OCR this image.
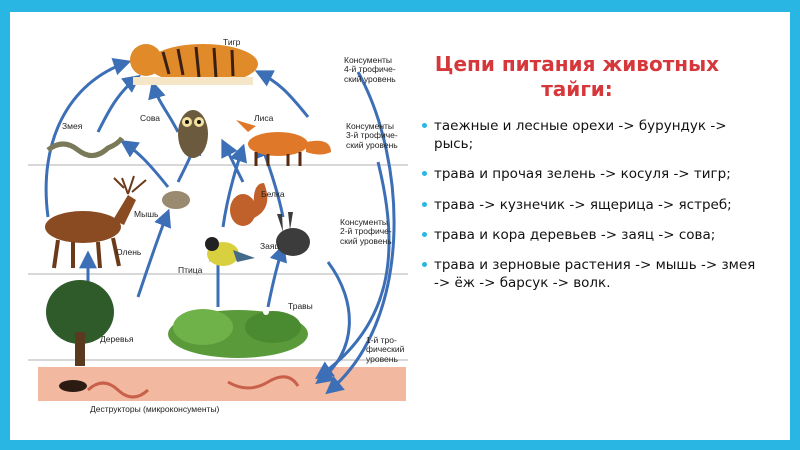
Тигр
Змея
Сова	Лиса
Мышь
Белка
Олень
Заяц
Птица
Деревья
Травы
Деструкторы (микроконсументы)
Консументы
4-й трофиче-
ский уровень
Консументы
3-й трофиче-
ский уровень
Консументы
2-й трофиче-
ский уровень
1-й тро-
фический
уровень
Цепи питания животных
тайги:
таежные и лесные орехи -> бурундук -> рысь;
трава и прочая зелень -> косуля -> тигр;
трава -> кузнечик -> ящерица -> ястреб;
трава и кора деревьев -> заяц -> сова;
трава и зерновые растения -> мышь -> змея -> ёж -> барсук -> волк.
